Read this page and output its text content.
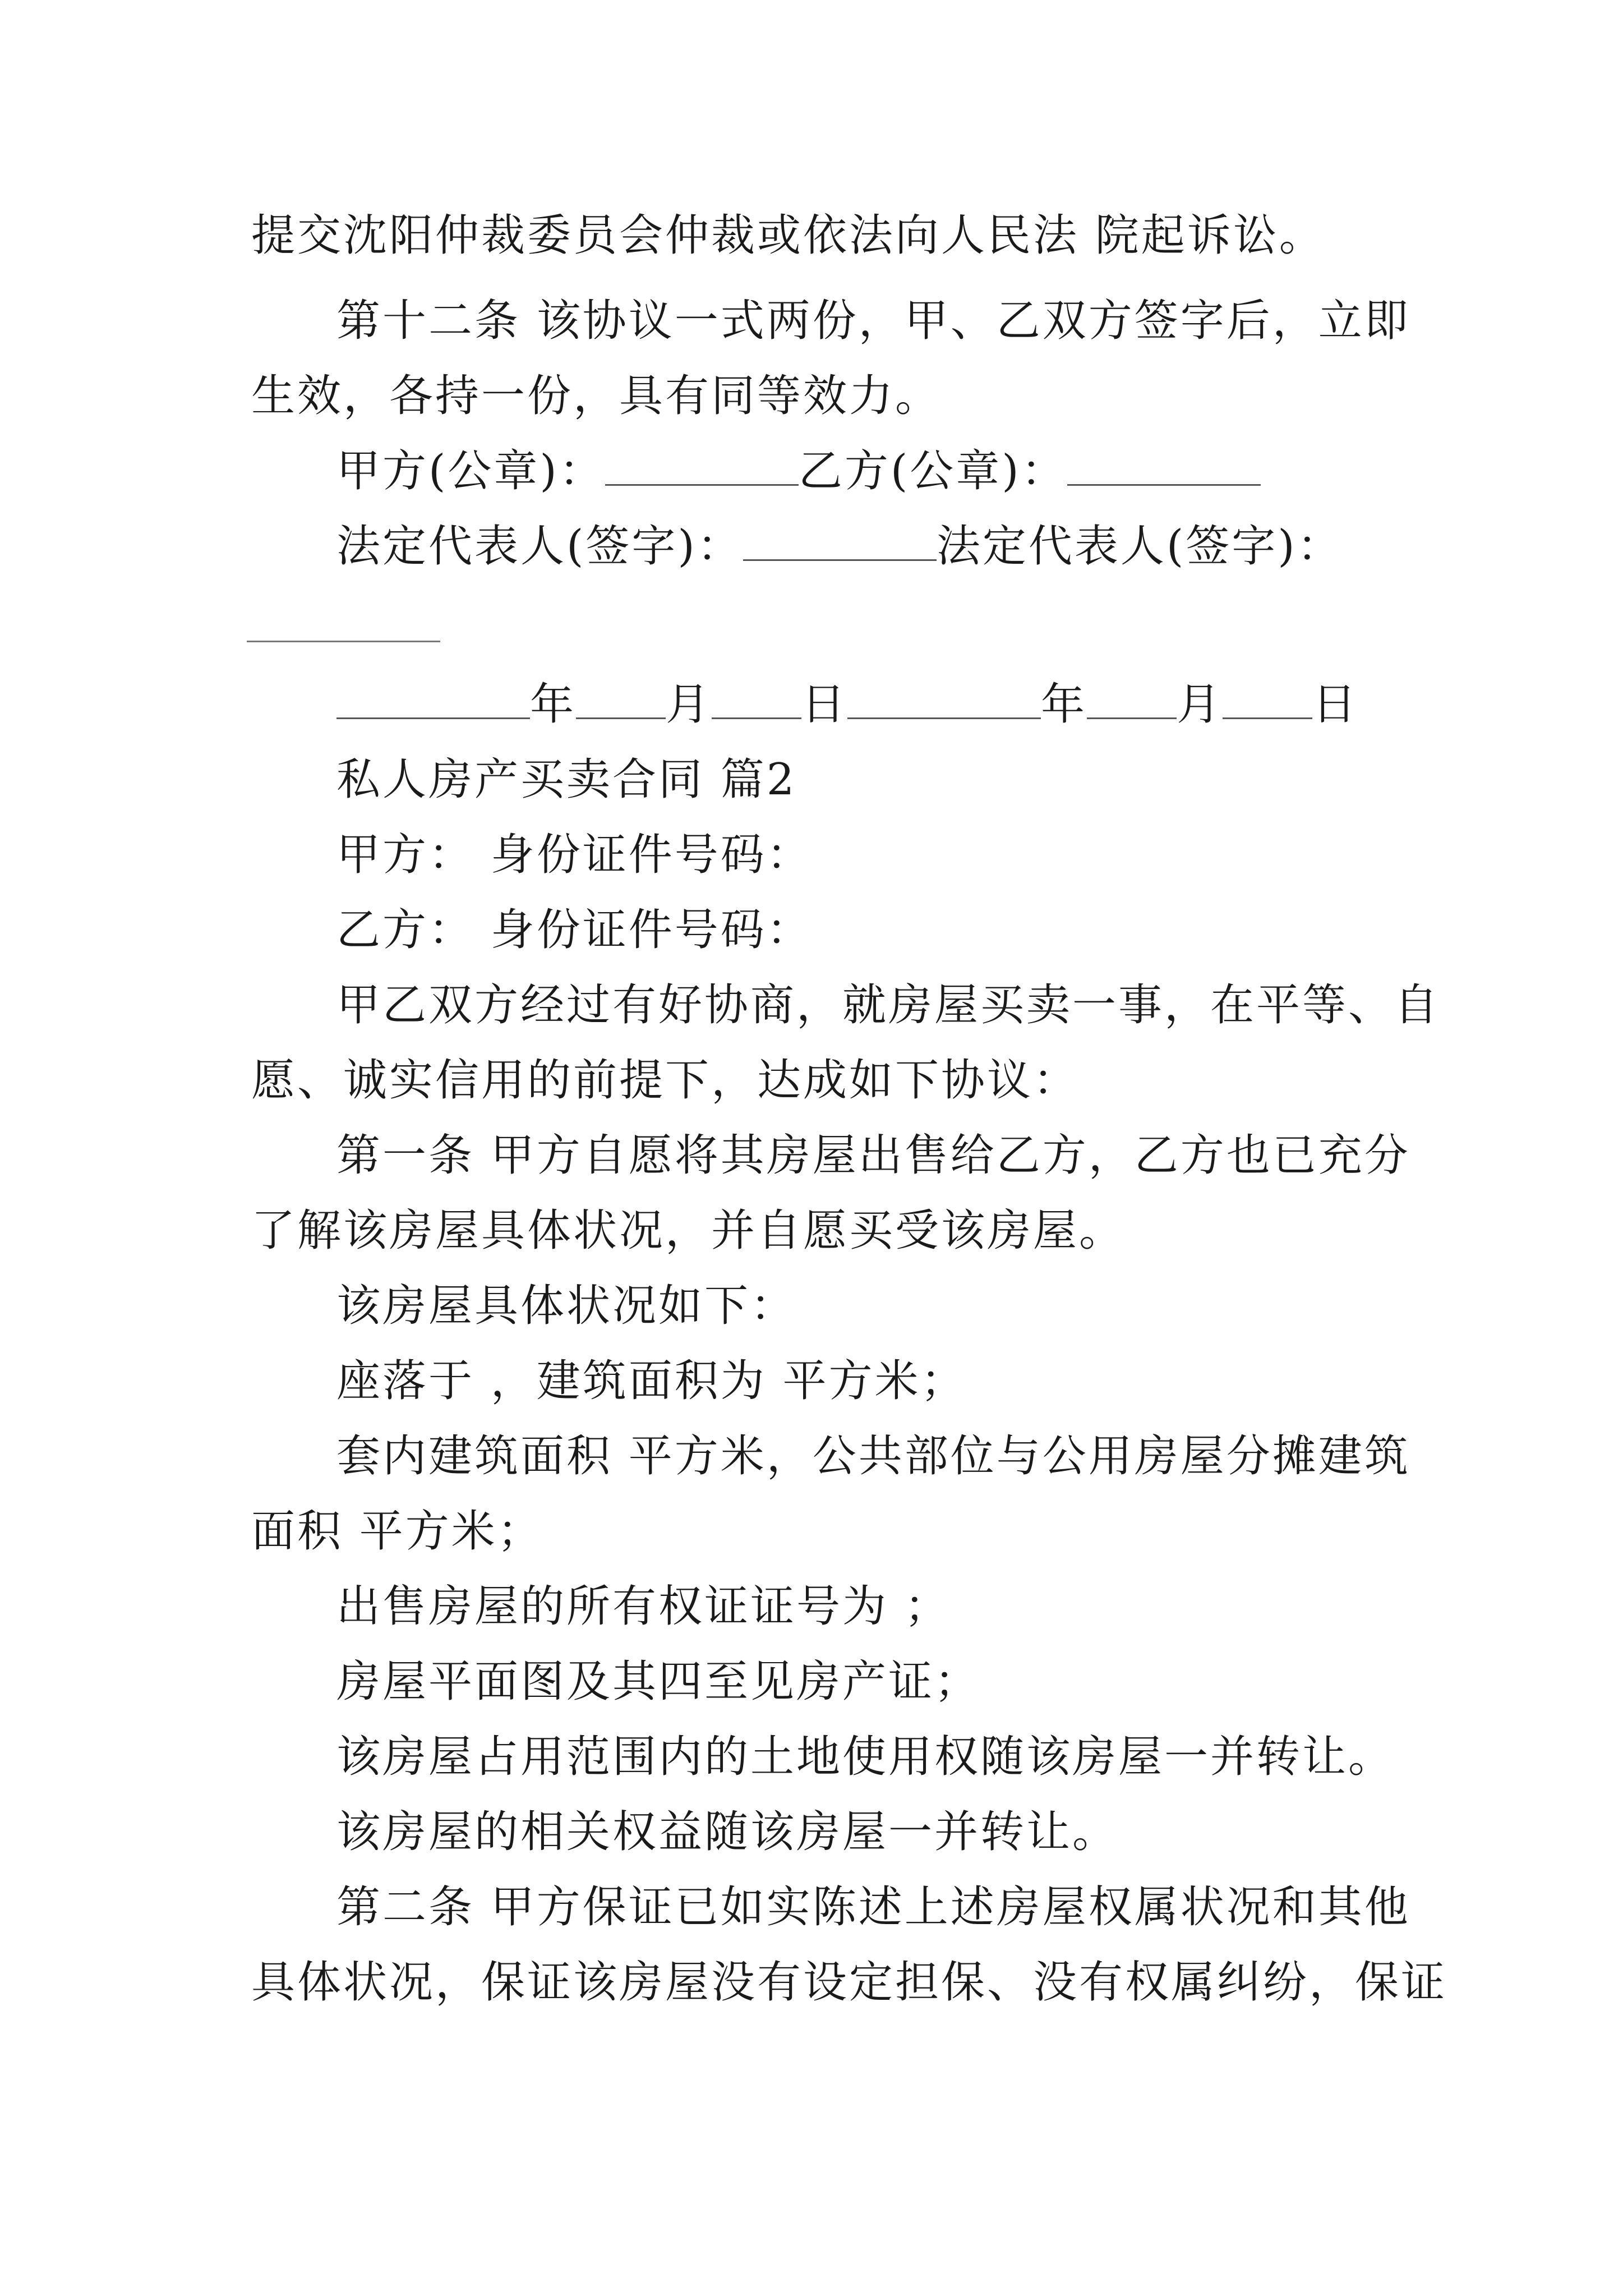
提交沈阳仲裁委员会仲裁或依法向人民法 院起诉讼。
第十二条 该协议一式两份，甲、乙双方签字后，立即
生效，各持一份，具有同等效力。
甲方(公章)：	乙方(公章)：
法定代表人(签字)：	法定代表人(签字)：
年 月 日	年 月 日
私人房产买卖合同 篇2
甲方： 身份证件号码：
乙方： 身份证件号码：
甲乙双方经过有好协商，就房屋买卖一事，在平等、自
愿、诚实信用的前提下，达成如下协议：
第一条 甲方自愿将其房屋出售给乙方，乙方也已充分
了解该房屋具体状况，并自愿买受该房屋。
该房屋具体状况如下：
座落于 ，建筑面积为 平方米；
套内建筑面积 平方米，公共部位与公用房屋分摊建筑
面积 平方米；
出售房屋的所有权证证号为 ；
房屋平面图及其四至见房产证；
该房屋占用范围内的土地使用权随该房屋一并转让。
该房屋的相关权益随该房屋一并转让。
第二条 甲方保证已如实陈述上述房屋权属状况和其他
具体状况，保证该房屋没有设定担保、没有权属纠纷，保证
